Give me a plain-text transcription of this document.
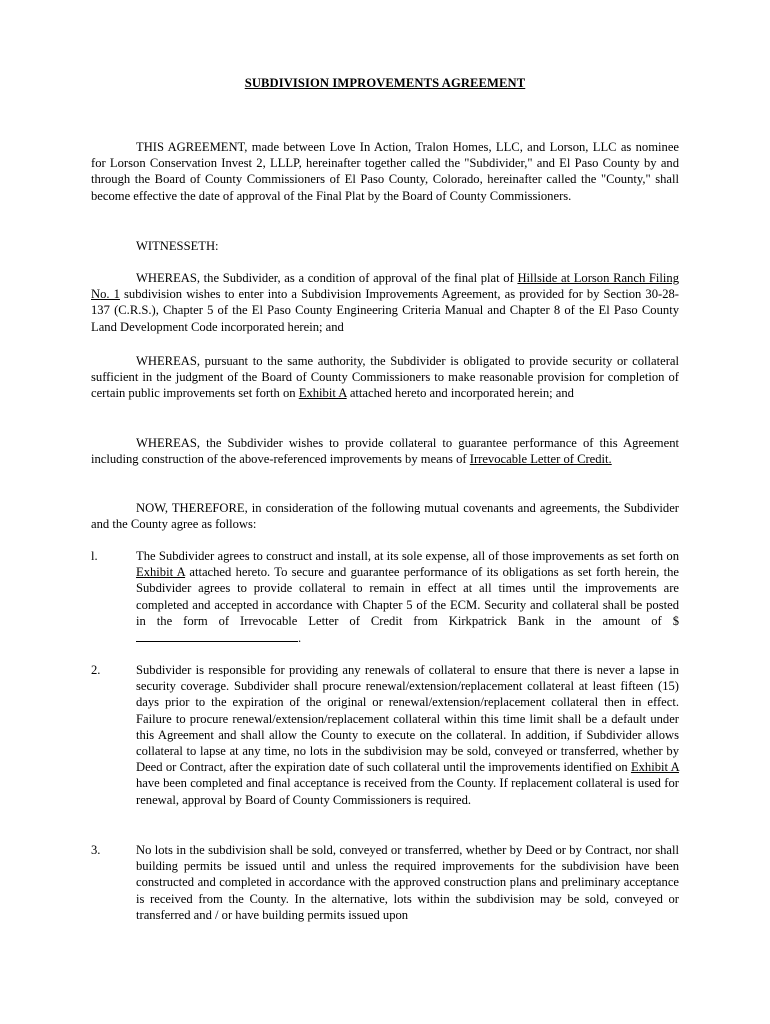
SUBDIVISION IMPROVEMENTS AGREEMENT

THIS AGREEMENT, made between Love In Action, Tralon Homes, LLC, and Lorson, LLC as nominee for Lorson Conservation Invest 2, LLLP, hereinafter together called the "Subdivider," and El Paso County by and through the Board of County Commissioners of El Paso County, Colorado, hereinafter called the "County," shall become effective the date of approval of the Final Plat by the Board of County Commissioners.

WITNESSETH:

WHEREAS, the Subdivider, as a condition of approval of the final plat of Hillside at Lorson Ranch Filing No. 1 subdivision wishes to enter into a Subdivision Improvements Agreement, as provided for by Section 30-28-137 (C.R.S.), Chapter 5 of the El Paso County Engineering Criteria Manual and Chapter 8 of the El Paso County Land Development Code incorporated herein; and

WHEREAS, pursuant to the same authority, the Subdivider is obligated to provide security or collateral sufficient in the judgment of the Board of County Commissioners to make reasonable provision for completion of certain public improvements set forth on Exhibit A attached hereto and incorporated herein; and

WHEREAS, the Subdivider wishes to provide collateral to guarantee performance of this Agreement including construction of the above-referenced improvements by means of Irrevocable Letter of Credit.

NOW, THEREFORE, in consideration of the following mutual covenants and agreements, the Subdivider and the County agree as follows:

l.	The Subdivider agrees to construct and install, at its sole expense, all of those improvements as set forth on Exhibit A attached hereto. To secure and guarantee performance of its obligations as set forth herein, the Subdivider agrees to provide collateral to remain in effect at all times until the improvements are completed and accepted in accordance with Chapter 5 of the ECM. Security and collateral shall be posted in the form of Irrevocable Letter of Credit from Kirkpatrick Bank in the amount of $.
2.	Subdivider is responsible for providing any renewals of collateral to ensure that there is never a lapse in security coverage. Subdivider shall procure renewal/extension/replacement collateral at least fifteen (15) days prior to the expiration of the original or renewal/extension/replacement collateral then in effect. Failure to procure renewal/extension/replacement collateral within this time limit shall be a default under this Agreement and shall allow the County to execute on the collateral. In addition, if Subdivider allows collateral to lapse at any time, no lots in the subdivision may be sold, conveyed or transferred, whether by Deed or Contract, after the expiration date of such collateral until the improvements identified on Exhibit A have been completed and final acceptance is received from the County. If replacement collateral is used for renewal, approval by Board of County Commissioners is required.
3.	No lots in the subdivision shall be sold, conveyed or transferred, whether by Deed or by Contract, nor shall building permits be issued until and unless the required improvements for the subdivision have been constructed and completed in accordance with the approved construction plans and preliminary acceptance is received from the County. In the alternative, lots within the subdivision may be sold, conveyed or transferred and / or have building permits issued upon
